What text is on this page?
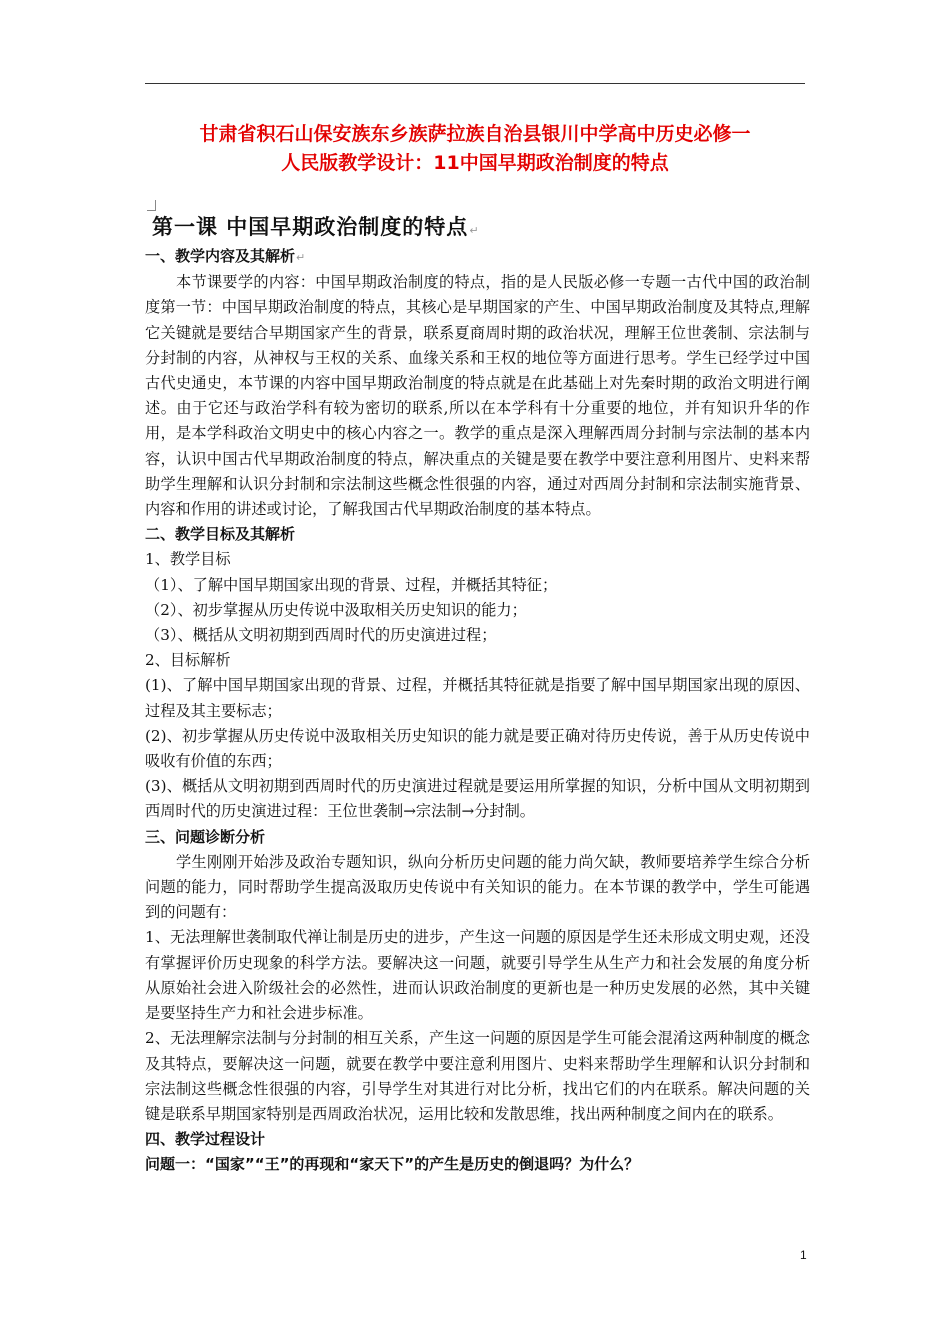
甘肃省积石山保安族东乡族萨拉族自治县银川中学高中历史必修一
人民版教学设计：11中国早期政治制度的特点
第一课 中国早期政治制度的特点↵

一、教学内容及其解析↵

本节课要学的内容：中国早期政治制度的特点，指的是人民版必修一专题一古代中国的政治制度第一节：中国早期政治制度的特点，其核心是早期国家的产生、中国早期政治制度及其特点,理解它关键就是要结合早期国家产生的背景，联系夏商周时期的政治状况，理解王位世袭制、宗法制与分封制的内容，从神权与王权的关系、血缘关系和王权的地位等方面进行思考。学生已经学过中国古代史通史，本节课的内容中国早期政治制度的特点就是在此基础上对先秦时期的政治文明进行阐述。由于它还与政治学科有较为密切的联系,所以在本学科有十分重要的地位，并有知识升华的作用，是本学科政治文明史中的核心内容之一。教学的重点是深入理解西周分封制与宗法制的基本内容，认识中国古代早期政治制度的特点，解决重点的关键是要在教学中要注意利用图片、史料来帮助学生理解和认识分封制和宗法制这些概念性很强的内容，通过对西周分封制和宗法制实施背景、内容和作用的讲述或讨论，了解我国古代早期政治制度的基本特点。

二、教学目标及其解析

1、教学目标

（1）、了解中国早期国家出现的背景、过程，并概括其特征；

（2）、初步掌握从历史传说中汲取相关历史知识的能力；

（3）、概括从文明初期到西周时代的历史演进过程；

2、目标解析

(1)、了解中国早期国家出现的背景、过程，并概括其特征就是指要了解中国早期国家出现的原因、过程及其主要标志；

(2)、初步掌握从历史传说中汲取相关历史知识的能力就是要正确对待历史传说，善于从历史传说中吸收有价值的东西；

(3)、概括从文明初期到西周时代的历史演进过程就是要运用所掌握的知识，分析中国从文明初期到西周时代的历史演进过程：王位世袭制→宗法制→分封制。

三、问题诊断分析

学生刚刚开始涉及政治专题知识，纵向分析历史问题的能力尚欠缺，教师要培养学生综合分析问题的能力，同时帮助学生提高汲取历史传说中有关知识的能力。在本节课的教学中，学生可能遇到的问题有：

1、无法理解世袭制取代禅让制是历史的进步，产生这一问题的原因是学生还未形成文明史观，还没有掌握评价历史现象的科学方法。要解决这一问题，就要引导学生从生产力和社会发展的角度分析从原始社会进入阶级社会的必然性，进而认识政治制度的更新也是一种历史发展的必然，其中关键是要坚持生产力和社会进步标准。

2、无法理解宗法制与分封制的相互关系，产生这一问题的原因是学生可能会混淆这两种制度的概念及其特点，要解决这一问题，就要在教学中要注意利用图片、史料来帮助学生理解和认识分封制和宗法制这些概念性很强的内容，引导学生对其进行对比分析，找出它们的内在联系。解决问题的关键是联系早期国家特别是西周政治状况，运用比较和发散思维，找出两种制度之间内在的联系。

四、教学过程设计

问题一：“国家”“王”的再现和“家天下”的产生是历史的倒退吗？为什么？

1
